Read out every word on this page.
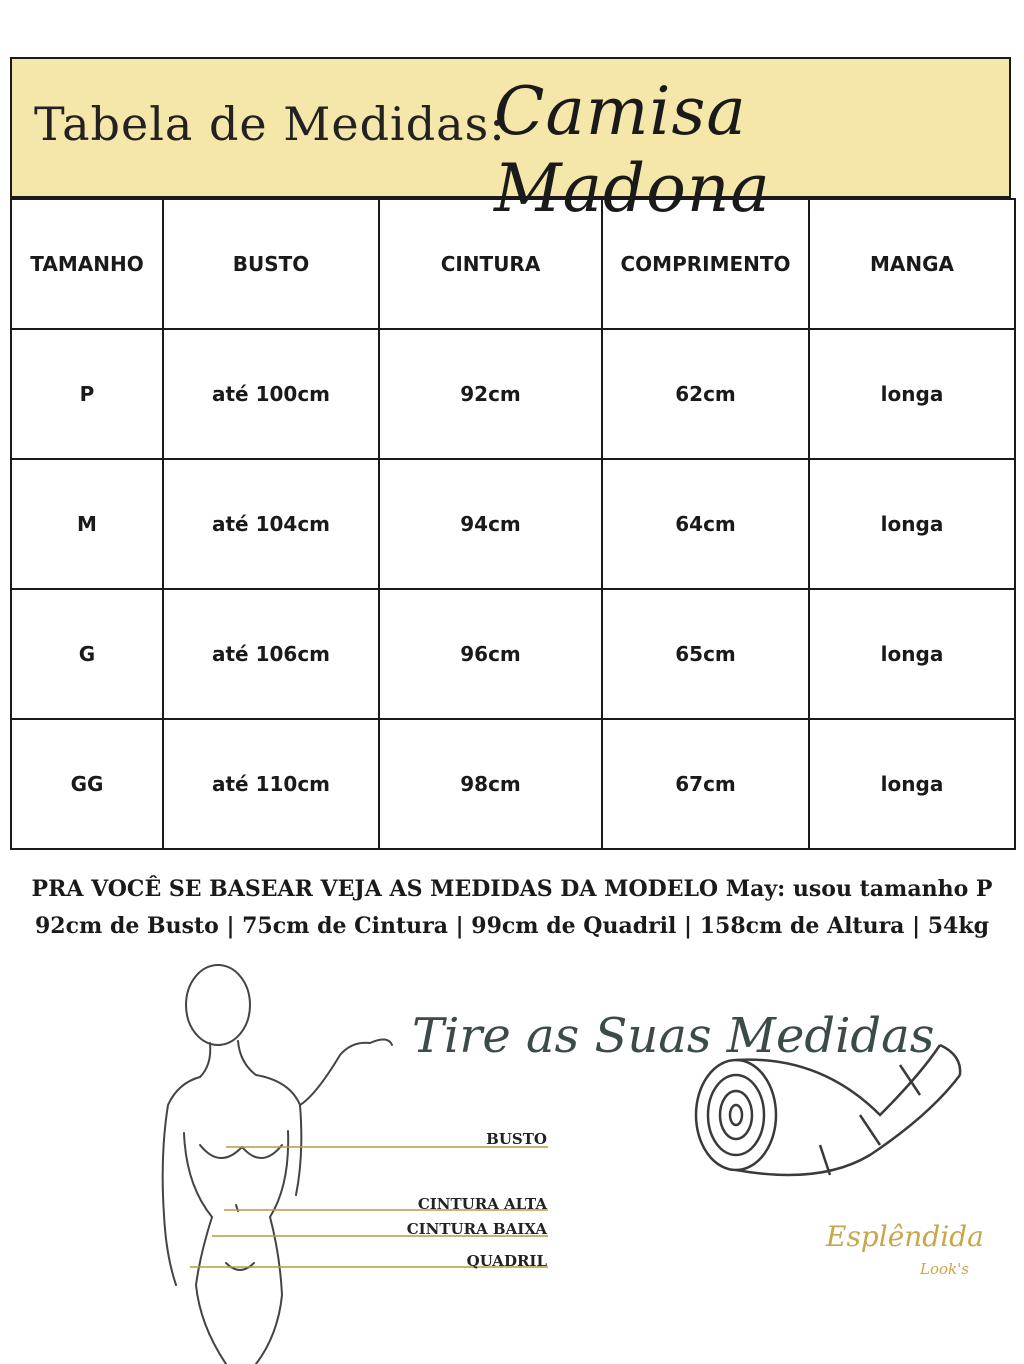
Tabela de Medidas:
Camisa Madona
TAMANHO	BUSTO	CINTURA	COMPRIMENTO	MANGA
P	até 100cm	92cm	62cm	longa
M	até 104cm	94cm	64cm	longa
G	até 106cm	96cm	65cm	longa
GG	até 110cm	98cm	67cm	longa
PRA VOCÊ SE BASEAR VEJA AS MEDIDAS DA MODELO May: usou tamanho P
92cm de Busto | 75cm de Cintura | 99cm de Quadril | 158cm de Altura | 54kg
BUSTO
CINTURA ALTA
CINTURA BAIXA
QUADRIL
Tire as Suas Medidas
Esplêndida
Look's
